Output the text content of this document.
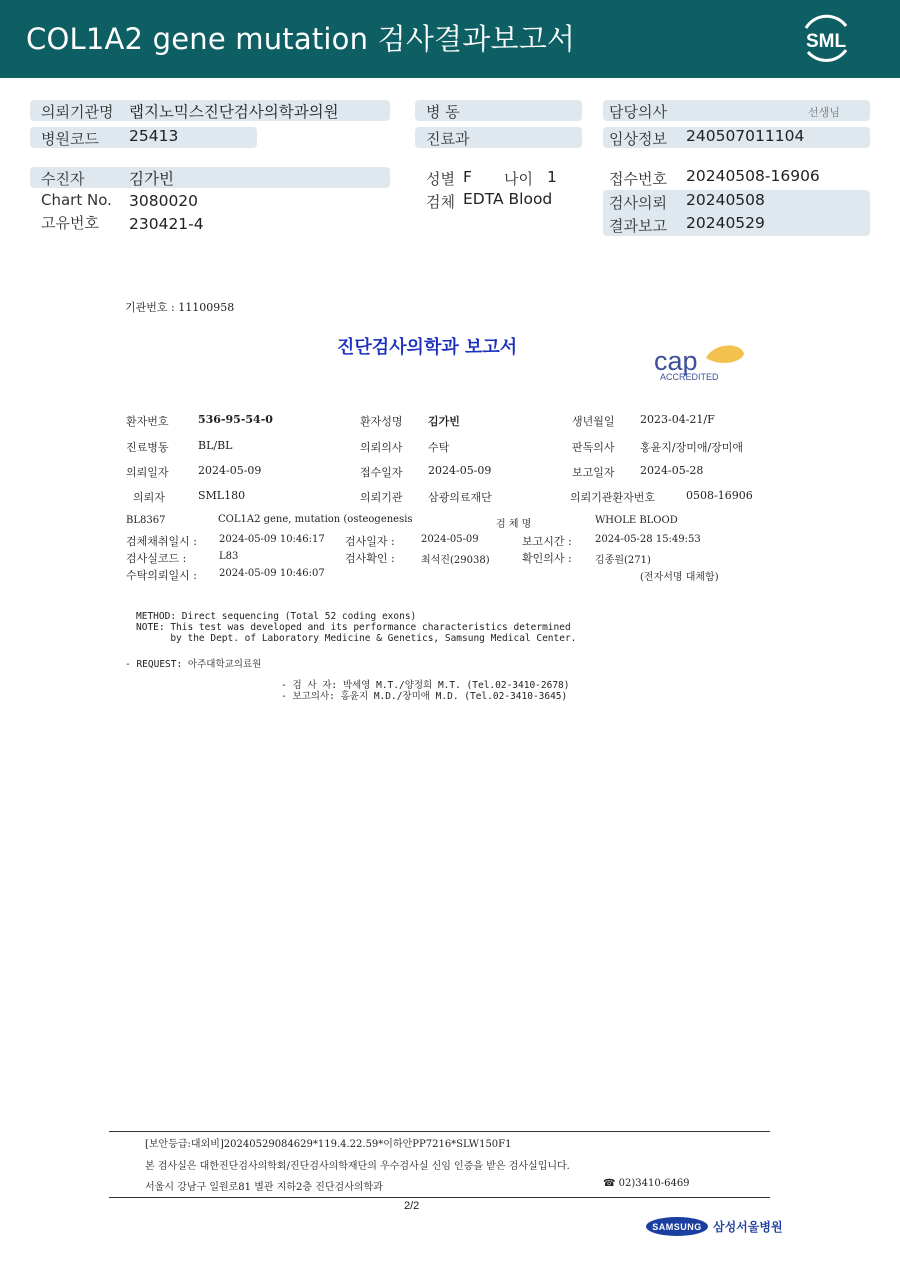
COL1A2 gene mutation 검사결과보고서	SML
의뢰기관명 랩지노믹스진단검사의학과의원
병원코드 25413
병 동
진료과
담당의사	선생님
임상정보 240507011104
수진자	김가빈
Chart No. 3080020
고유번호 230421-4
성별 F 나이 1
검체 EDTA Blood
접수번호 20240508-16906
검사의뢰 20240508
결과보고 20240529
기관번호 : 11100958
진단검사의학과 보고서	cap
ACCREDITED
환자번호	536-95-54-0	환자성명 김가빈	생년월일 2023-04-21/F
진료병동	BL/BL	의뢰의사 수탁	판독의사 홍윤지/장미애/장미애
의뢰일자	2024-05-09	접수일자 2024-05-09	보고일자 2024-05-28
의뢰자	SML180	의뢰기관 삼광의료재단	의뢰기관환자번호	0508-16906
BL8367	COL1A2 gene, mutation (osteogenesis	검 체 명	WHOLE BLOOD
검체채취일시 : 2024-05-09 10:46:17 검사일자 :	2024-05-09	보고시간 : 2024-05-28 15:49:53
검사실코드 :	L83	검사확인 :	최석진(29038)	확인의사 : 김종원(271)
수탁의뢰일시 : 2024-05-09 10:46:07	(전자서명 대체함)
METHOD: Direct sequencing (Total 52 coding exons)
NOTE: This test was developed and its performance characteristics determined
by the Dept. of Laboratory Medicine & Genetics, Samsung Medical Center.
- REQUEST: 아주대학교의료원
- 검 사 자: 박세영 M.T./양정희 M.T. (Tel.02-3410-2678)
- 보고의사: 홍윤지 M.D./장미애 M.D. (Tel.02-3410-3645)
[보안등급:대외비]20240529084629*119.4.22.59*이하안PP7216*SLW150F1
본 검사실은 대한진단검사의학회/진단검사의학재단의 우수검사실 신임 인증을 받은 검사실입니다.
서울시 강남구 일원로81 별관 지하2층 진단검사의학과	☎ 02)3410-6469
2/2
SAMSUNG 삼성서울병원
